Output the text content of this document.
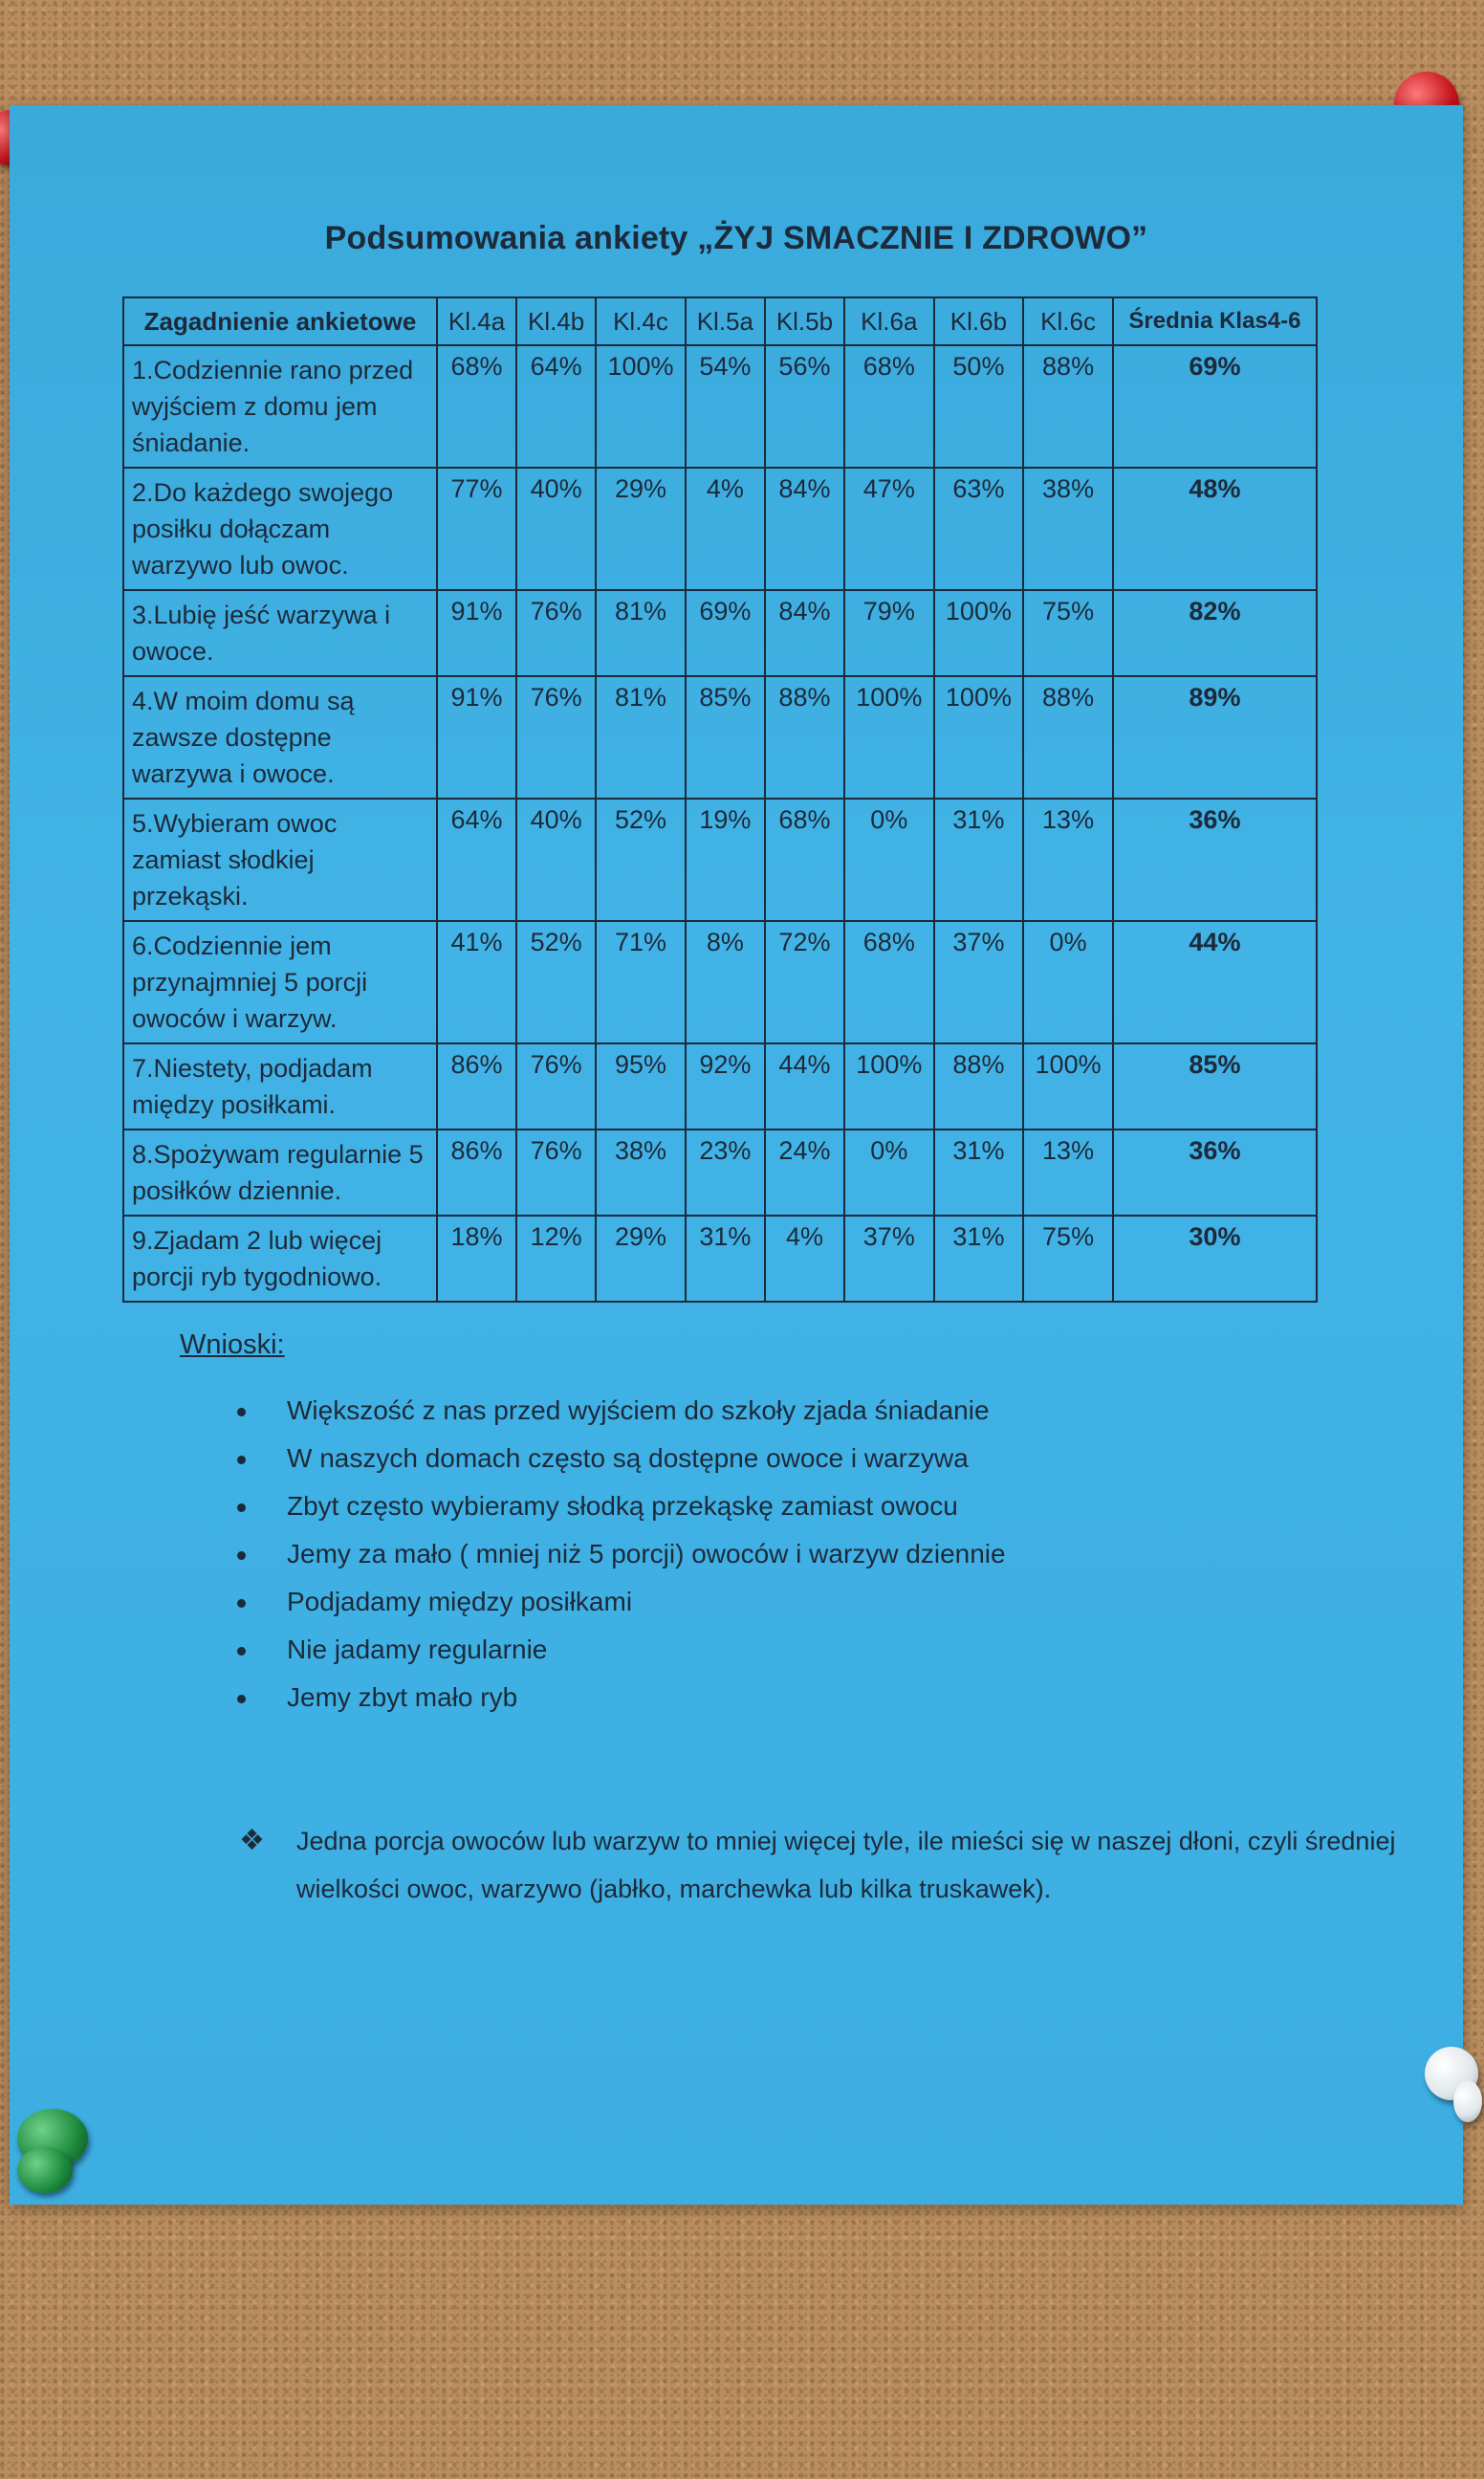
Podsumowania ankiety „ŻYJ SMACZNIE I ZDROWO”
Zagadnienie ankietowe	Kl.4a	Kl.4b	Kl.4c	Kl.5a	Kl.5b	Kl.6a	Kl.6b	Kl.6c	Średnia Klas4-6
1.Codziennie rano przed wyjściem z domu jem śniadanie.	68%	64%	100%	54%	56%	68%	50%	88%	69%
2.Do każdego swojego posiłku dołączam warzywo lub owoc.	77%	40%	29%	4%	84%	47%	63%	38%	48%
3.Lubię jeść warzywa i owoce.	91%	76%	81%	69%	84%	79%	100%	75%	82%
4.W moim domu są zawsze dostępne warzywa i owoce.	91%	76%	81%	85%	88%	100%	100%	88%	89%
5.Wybieram owoc zamiast słodkiej przekąski.	64%	40%	52%	19%	68%	0%	31%	13%	36%
6.Codziennie jem przynajmniej 5 porcji owoców i warzyw.	41%	52%	71%	8%	72%	68%	37%	0%	44%
7.Niestety, podjadam między posiłkami.	86%	76%	95%	92%	44%	100%	88%	100%	85%
8.Spożywam regularnie 5 posiłków dziennie.	86%	76%	38%	23%	24%	0%	31%	13%	36%
9.Zjadam 2 lub więcej porcji ryb tygodniowo.	18%	12%	29%	31%	4%	37%	31%	75%	30%
Wnioski:
Większość z nas przed wyjściem do szkoły zjada śniadanie
W naszych domach często są dostępne owoce i warzywa
Zbyt często wybieramy słodką przekąskę zamiast owocu
Jemy za mało ( mniej niż 5 porcji) owoców i warzyw dziennie
Podjadamy między posiłkami
Nie jadamy regularnie
Jemy zbyt mało ryb
❖ Jedna porcja owoców lub warzyw to mniej więcej tyle, ile mieści się w naszej dłoni, czyli średniej wielkości owoc, warzywo (jabłko, marchewka lub kilka truskawek).
